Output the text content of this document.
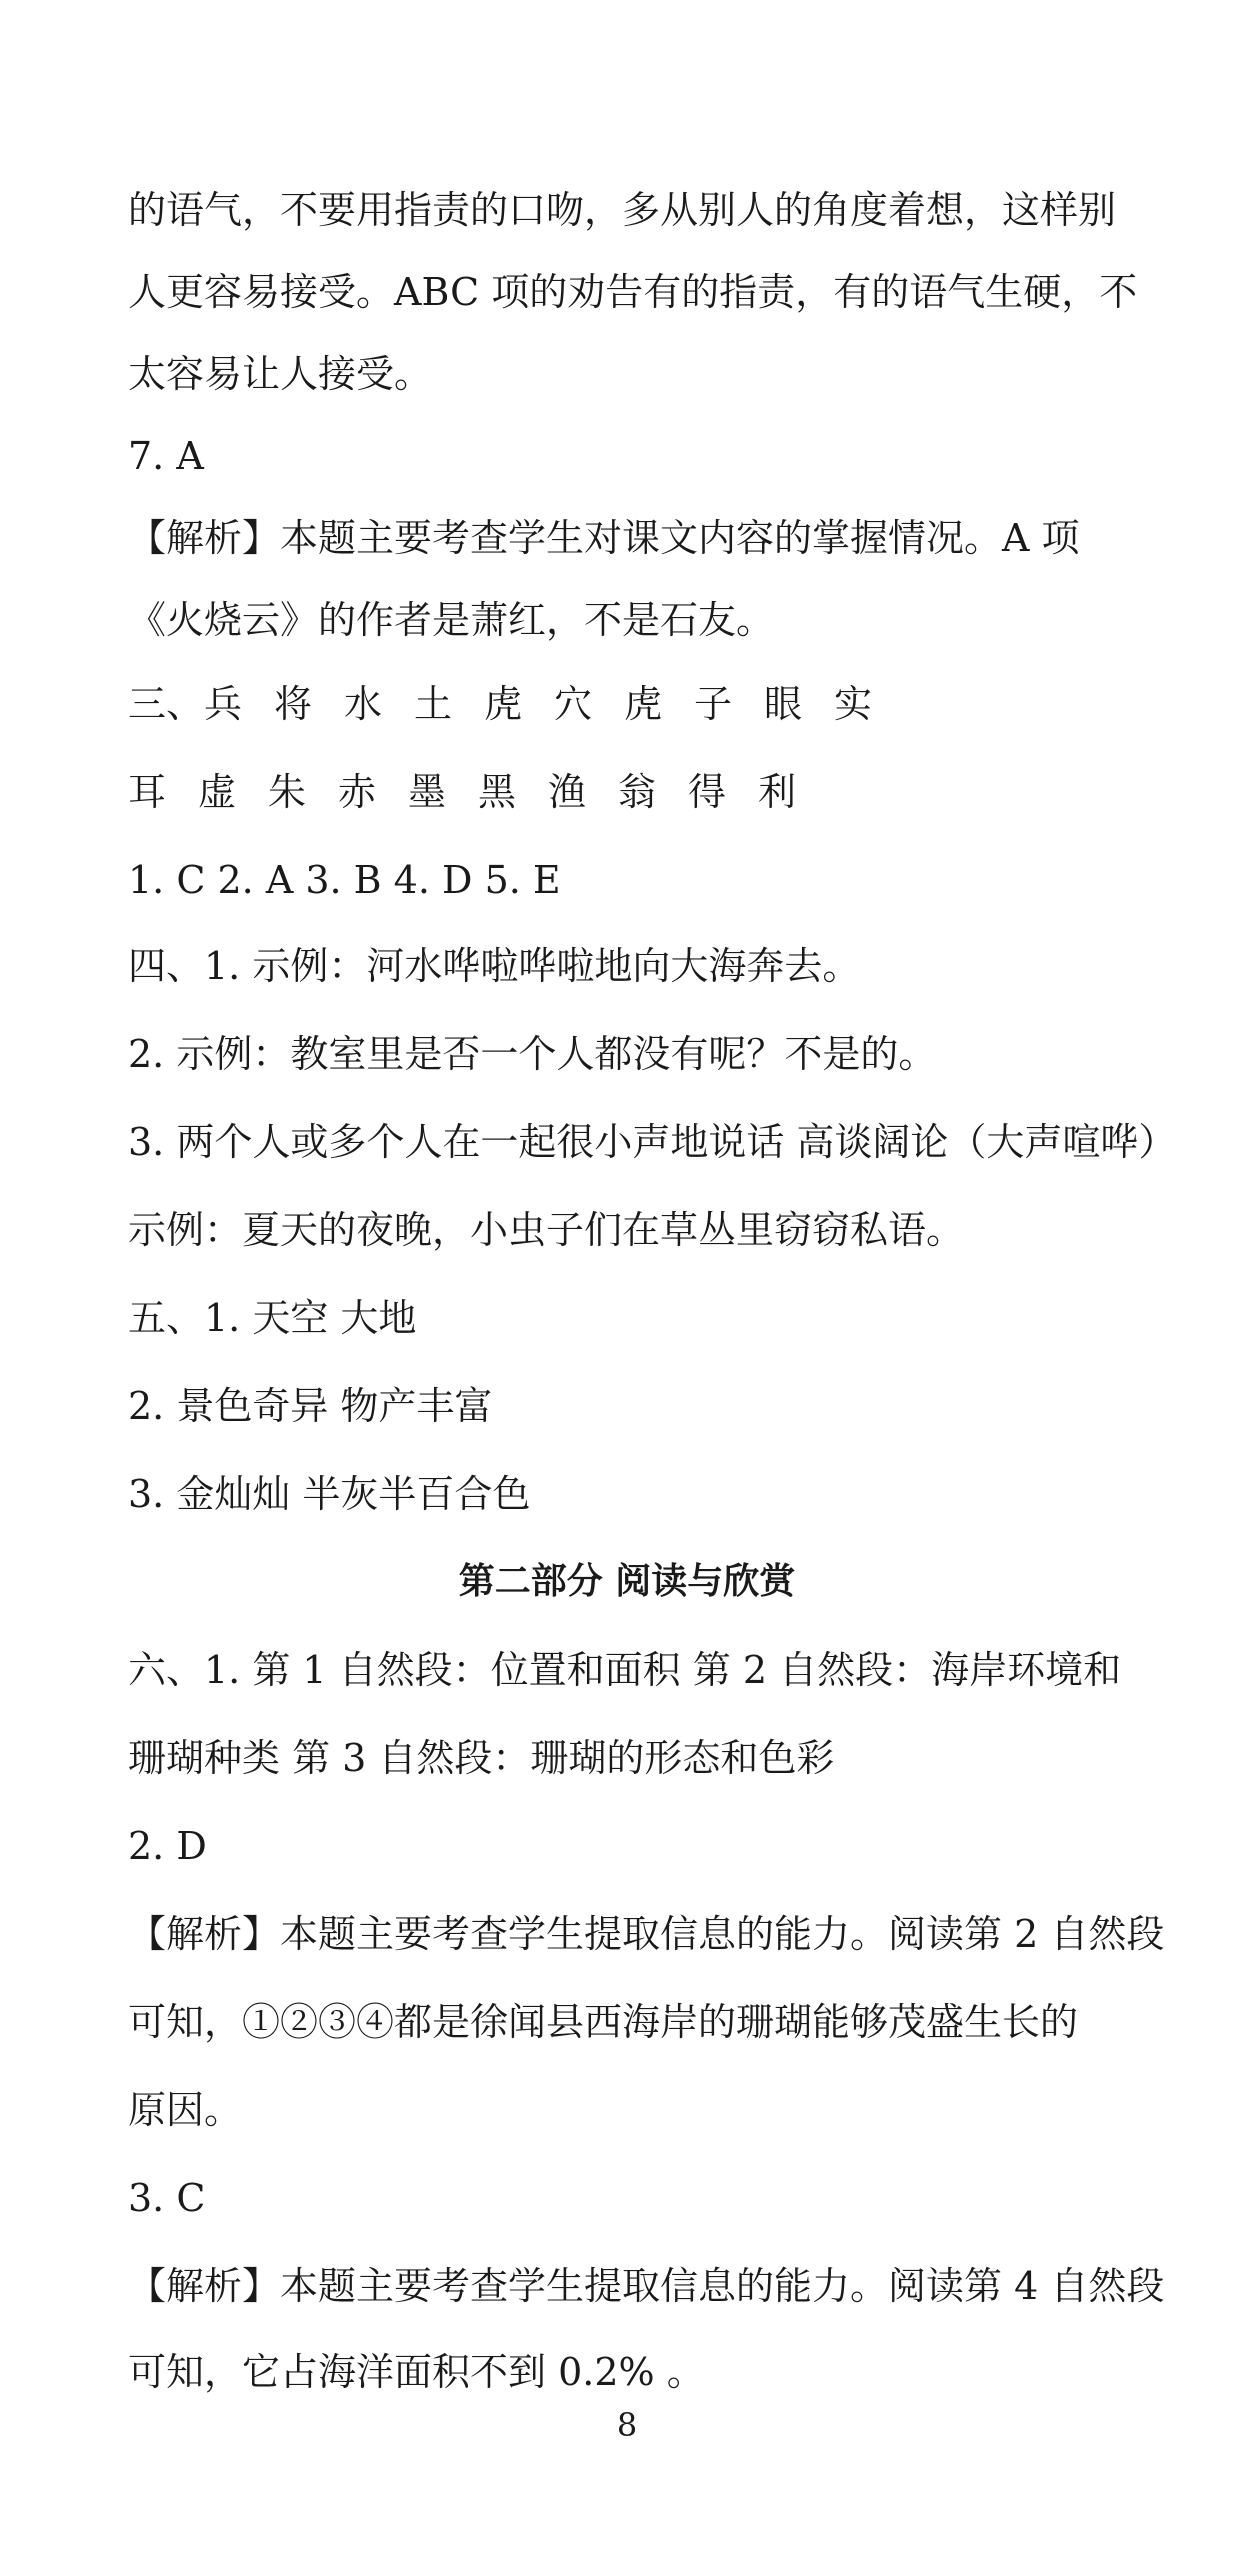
的语气，不要用指责的口吻，多从别人的角度着想，这样别
人更容易接受。ABC 项的劝告有的指责，有的语气生硬，不
太容易让人接受。
7. A
【解析】本题主要考查学生对课文内容的掌握情况。A 项
《火烧云》的作者是萧红，不是石友。
三、兵 将 水 土 虎 穴 虎 子 眼 实
耳 虚 朱 赤 墨 黑 渔 翁 得 利
1. C 2. A 3. B 4. D 5. E
四、1. 示例：河水哗啦哗啦地向大海奔去。
2. 示例：教室里是否一个人都没有呢？不是的。
3. 两个人或多个人在一起很小声地说话 高谈阔论（大声喧哗）
示例：夏天的夜晚，小虫子们在草丛里窃窃私语。
五、1. 天空 大地
2. 景色奇异 物产丰富
3. 金灿灿 半灰半百合色
第二部分 阅读与欣赏
六、1. 第 1 自然段：位置和面积 第 2 自然段：海岸环境和
珊瑚种类 第 3 自然段：珊瑚的形态和色彩
2. D
【解析】本题主要考查学生提取信息的能力。阅读第 2 自然段
可知，①②③④都是徐闻县西海岸的珊瑚能够茂盛生长的
原因。
3. C
【解析】本题主要考查学生提取信息的能力。阅读第 4 自然段
可知，它占海洋面积不到 0.2% 。
8
